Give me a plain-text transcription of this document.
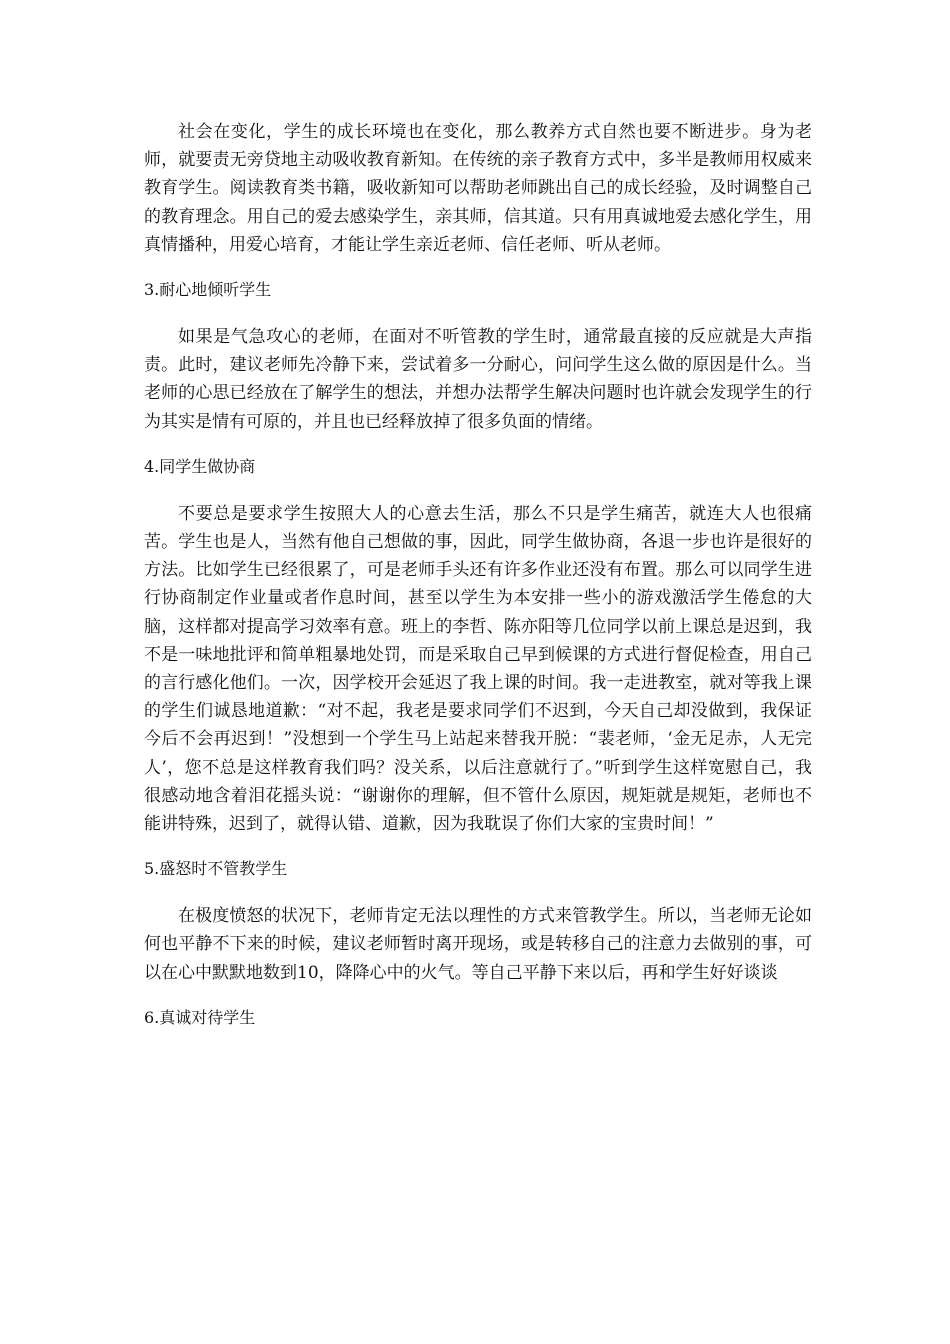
社会在变化，学生的成长环境也在变化，那么教养方式自然也要不断进步。身为老师，就要责无旁贷地主动吸收教育新知。在传统的亲子教育方式中，多半是教师用权威来教育学生。阅读教育类书籍，吸收新知可以帮助老师跳出自己的成长经验，及时调整自己的教育理念。用自己的爱去感染学生，亲其师，信其道。只有用真诚地爱去感化学生，用真情播种，用爱心培育，才能让学生亲近老师、信任老师、听从老师。

3.耐心地倾听学生

如果是气急攻心的老师，在面对不听管教的学生时，通常最直接的反应就是大声指责。此时，建议老师先冷静下来，尝试着多一分耐心，问问学生这么做的原因是什么。当老师的心思已经放在了解学生的想法，并想办法帮学生解决问题时也许就会发现学生的行为其实是情有可原的，并且也已经释放掉了很多负面的情绪。

4.同学生做协商

不要总是要求学生按照大人的心意去生活，那么不只是学生痛苦，就连大人也很痛苦。学生也是人，当然有他自己想做的事，因此，同学生做协商，各退一步也许是很好的方法。比如学生已经很累了，可是老师手头还有许多作业还没有布置。那么可以同学生进行协商制定作业量或者作息时间，甚至以学生为本安排一些小的游戏激活学生倦怠的大脑，这样都对提高学习效率有意。班上的李哲、陈亦阳等几位同学以前上课总是迟到，我不是一味地批评和简单粗暴地处罚，而是采取自己早到候课的方式进行督促检查，用自己的言行感化他们。一次，因学校开会延迟了我上课的时间。我一走进教室，就对等我上课的学生们诚恳地道歉：“对不起，我老是要求同学们不迟到，今天自己却没做到，我保证今后不会再迟到！”没想到一个学生马上站起来替我开脱：“裴老师，‘金无足赤，人无完人’，您不总是这样教育我们吗？没关系，以后注意就行了。”听到学生这样宽慰自己，我很感动地含着泪花摇头说：“谢谢你的理解，但不管什么原因，规矩就是规矩，老师也不能讲特殊，迟到了，就得认错、道歉，因为我耽误了你们大家的宝贵时间！”

5.盛怒时不管教学生

在极度愤怒的状况下，老师肯定无法以理性的方式来管教学生。所以，当老师无论如何也平静不下来的时候，建议老师暂时离开现场，或是转移自己的注意力去做别的事，可以在心中默默地数到10，降降心中的火气。等自己平静下来以后，再和学生好好谈谈

6.真诚对待学生
